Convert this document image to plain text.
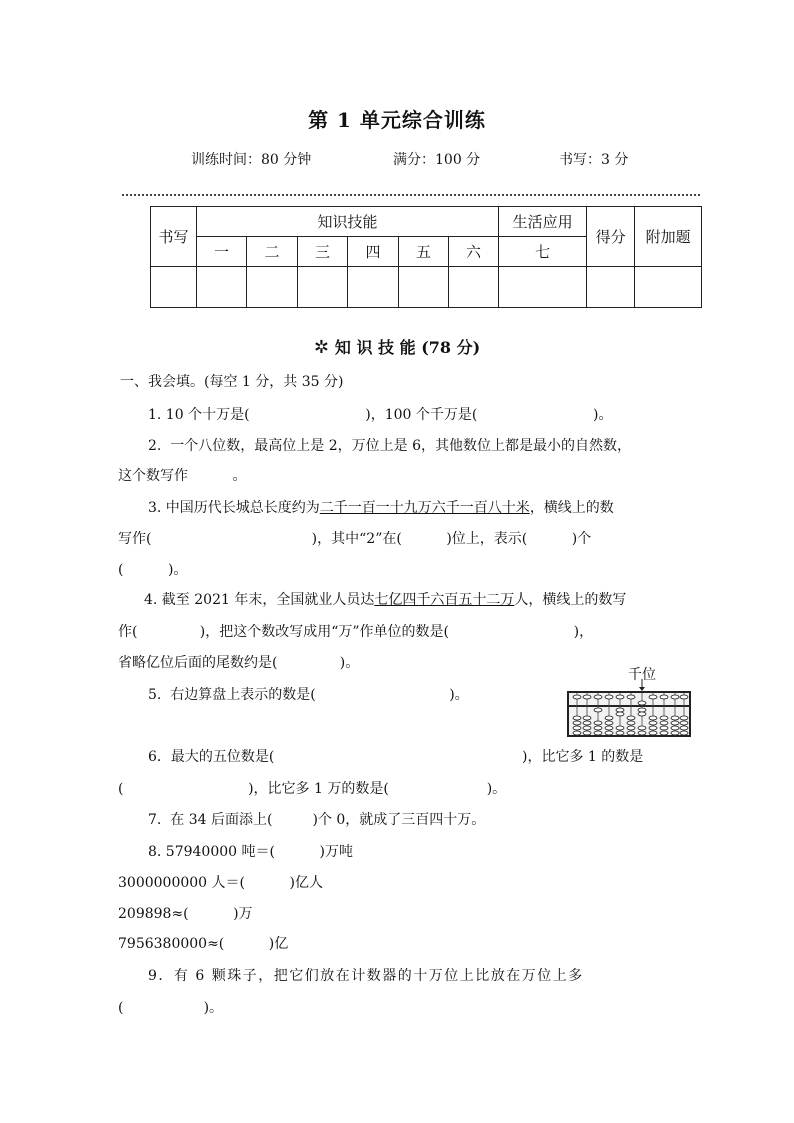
第 1 单元综合训练
训练时间：80 分钟	满分：100 分	书写：3 分
书写	知识技能						生活应用	得分	附加题
	一	二	三	四	五	六	七		

✲ 知 识 技 能 (78 分)
一、我会填。(每空 1 分，共 35 分)
1. 10 个十万是(                          )，100 个千万是(                          )。
2.  一个八位数，最高位上是 2，万位上是 6，其他数位上都是最小的自然数，
这个数写作          。
3. 中国历代长城总长度约为二千一百一十九万六千一百八十米，横线上的数
写作(                                    )，其中“2”在(          )位上，表示(          )个
(          )。
4. 截至 2021 年末，全国就业人员达七亿四千六百五十二万人，横线上的数写
作(              )，把这个数改写成用“万”作单位的数是(                            )，
省略亿位后面的尾数约是(              )。
5.  右边算盘上表示的数是(                              )。
千位
6．最大的五位数是(	)，比它多 1 的数是
(                            )，比它多 1 万的数是(                      )。
7.  在 34 后面添上(         )个 0，就成了三百四十万。
8. 57940000 吨＝(          )万吨
3000000000 人＝(          )亿人
209898≈(          )万
7956380000≈(          )亿
9．有 6 颗珠子，把它们放在计数器的十万位上比放在万位上多
(                  )。
